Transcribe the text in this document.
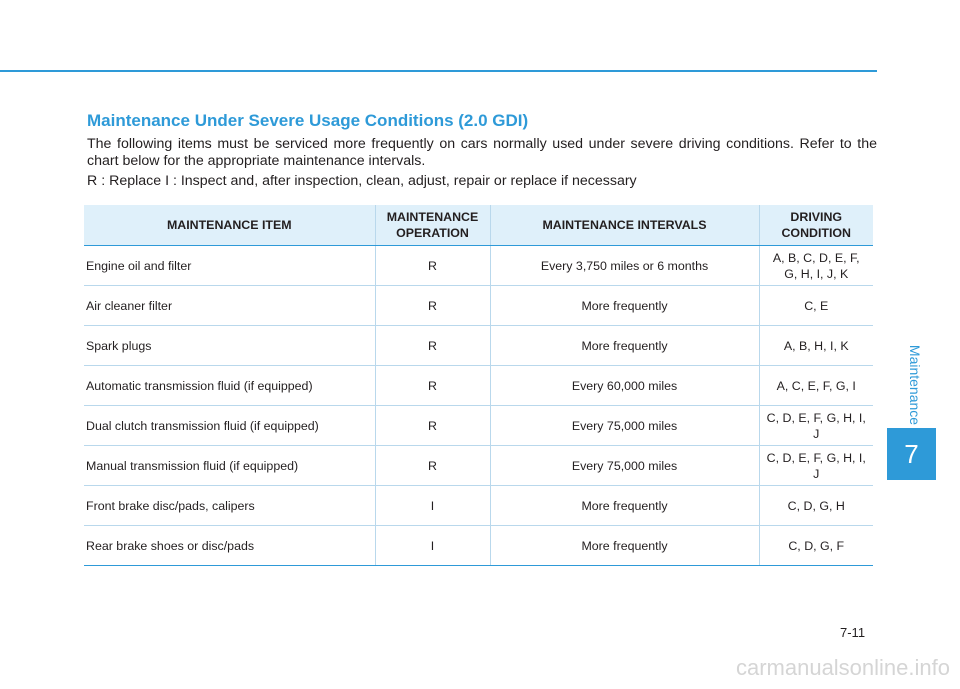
Maintenance
7
Maintenance Under Severe Usage Conditions (2.0 GDI)

The following items must be serviced more frequently on cars normally used under severe driving conditions. Refer to the chart below for the appropriate maintenance intervals.

R : Replace I : Inspect and, after inspection, clean, adjust, repair or replace if necessary

MAINTENANCE ITEM	MAINTENANCE OPERATION	MAINTENANCE INTERVALS	DRIVING CONDITION
Engine oil and filter	R	Every 3,750 miles or 6 months	A, B, C, D, E, F, G, H, I, J, K
Air cleaner filter	R	More frequently	C, E
Spark plugs	R	More frequently	A, B, H, I, K
Automatic transmission fluid (if equipped)	R	Every 60,000 miles	A, C, E, F, G, I
Dual clutch transmission fluid (if equipped)	R	Every 75,000 miles	C, D, E, F, G, H, I, J
Manual transmission fluid (if equipped)	R	Every 75,000 miles	C, D, E, F, G, H, I, J
Front brake disc/pads, calipers	I	More frequently	C, D, G, H
Rear brake shoes or disc/pads	I	More frequently	C, D, G, F
7-11
carmanualsonline.info
